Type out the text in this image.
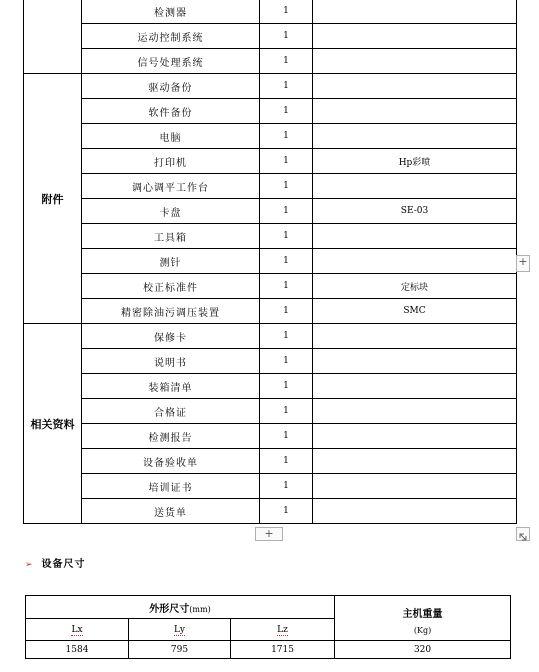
	检测器	1	
	运动控制系统	1	
	信号处理系统	1	
附件	驱动备份	1	
	软件备份	1	
	电脑	1	
	打印机	1	Hp彩喷
	调心调平工作台	1	
	卡盘	1	SE-03
	工具箱	1	
	测针	1	
	校正标准件	1	定标块
	精密除油污调压装置	1	SMC
相关资料	保修卡	1	
	说明书	1	
	装箱清单	1	
	合格证	1	
	检测报告	1	
	设备验收单	1	
	培训证书	1	
	送货单	1	
+
+
➢ 设备尺寸
外形尺寸(mm)			主机重量
(Kg)

Lx	Ly	Lz	
1584	795	1715	320
